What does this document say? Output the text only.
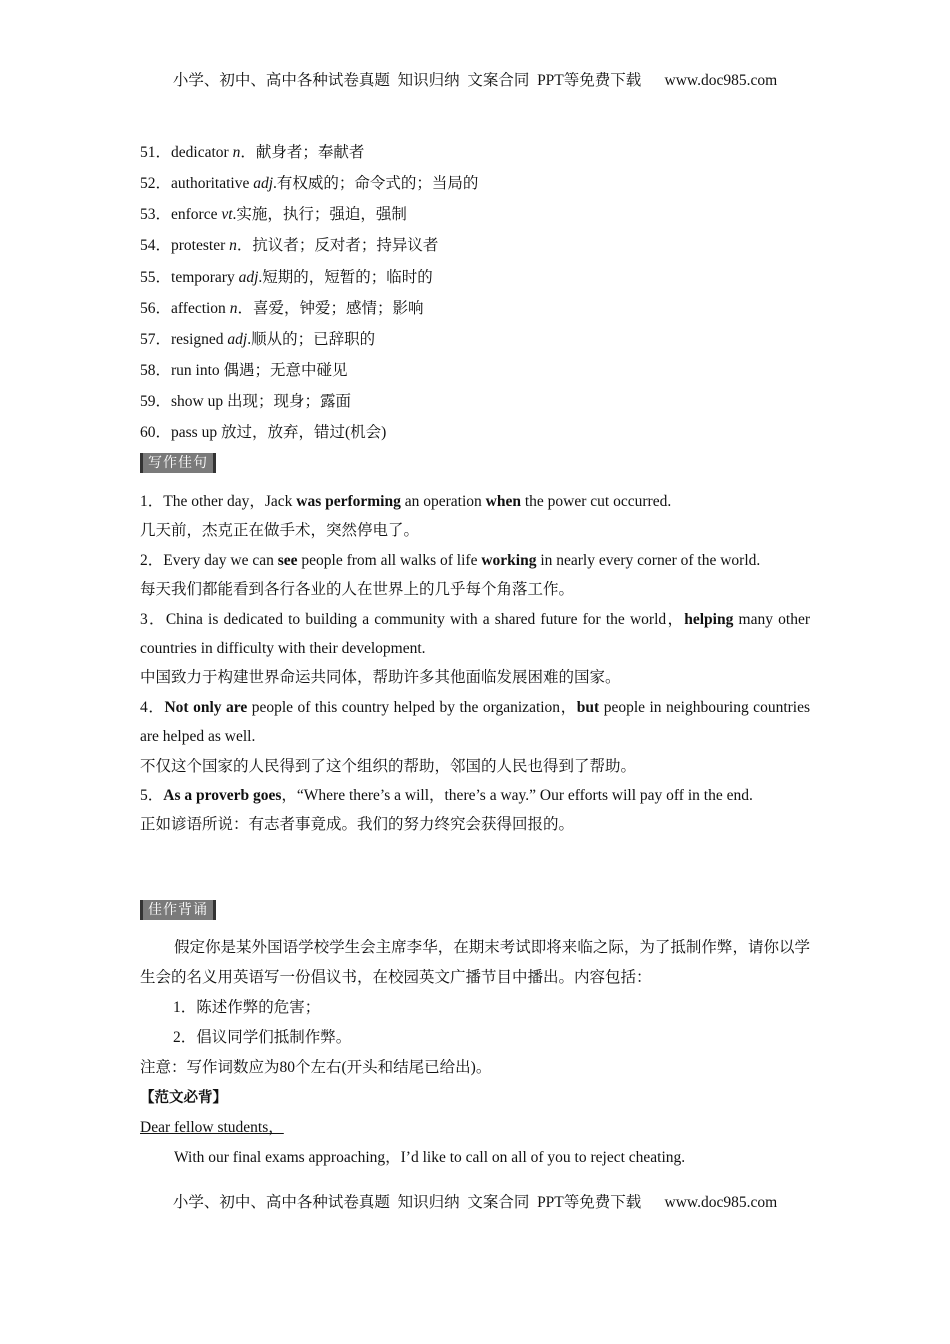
小学、初中、高中各种试卷真题  知识归纳  文案合同  PPT等免费下载      www.doc985.com
51．dedicator n．献身者；奉献者
52．authoritative adj.有权威的；命令式的；当局的
53．enforce vt.实施，执行；强迫，强制
54．protester n．抗议者；反对者；持异议者
55．temporary adj.短期的，短暂的；临时的
56．affection n．喜爱，钟爱；感情；影响
57．resigned adj.顺从的；已辞职的
58．run into 偶遇；无意中碰见
59．show up 出现；现身；露面
60．pass up 放过，放弃，错过(机会)
写作佳句

1．The other day，Jack was performing an operation when the power cut occurred.

几天前，杰克正在做手术，突然停电了。

2．Every day we can see people from all walks of life working in nearly every corner of the world.

每天我们都能看到各行各业的人在世界上的几乎每个角落工作。

3．China is dedicated to building a community with a shared future for the world，helping many other countries in difficulty with their development.

中国致力于构建世界命运共同体，帮助许多其他面临发展困难的国家。

4．Not only are people of this country helped by the organization，but people in neighbouring countries are helped as well.

不仅这个国家的人民得到了这个组织的帮助，邻国的人民也得到了帮助。

5．As a proverb goes，“Where there’s a will，there’s a way.” Our efforts will pay off in the end.

正如谚语所说：有志者事竟成。我们的努力终究会获得回报的。

佳作背诵

假定你是某外国语学校学生会主席李华，在期末考试即将来临之际，为了抵制作弊，请你以学生会的名义用英语写一份倡议书，在校园英文广播节目中播出。内容包括：

1．陈述作弊的危害；

2．倡议同学们抵制作弊。

注意：写作词数应为80个左右(开头和结尾已给出)。

【范文必背】

Dear fellow students，

With our final exams approaching，I’d like to call on all of you to reject cheating.

小学、初中、高中各种试卷真题  知识归纳  文案合同  PPT等免费下载      www.doc985.com
